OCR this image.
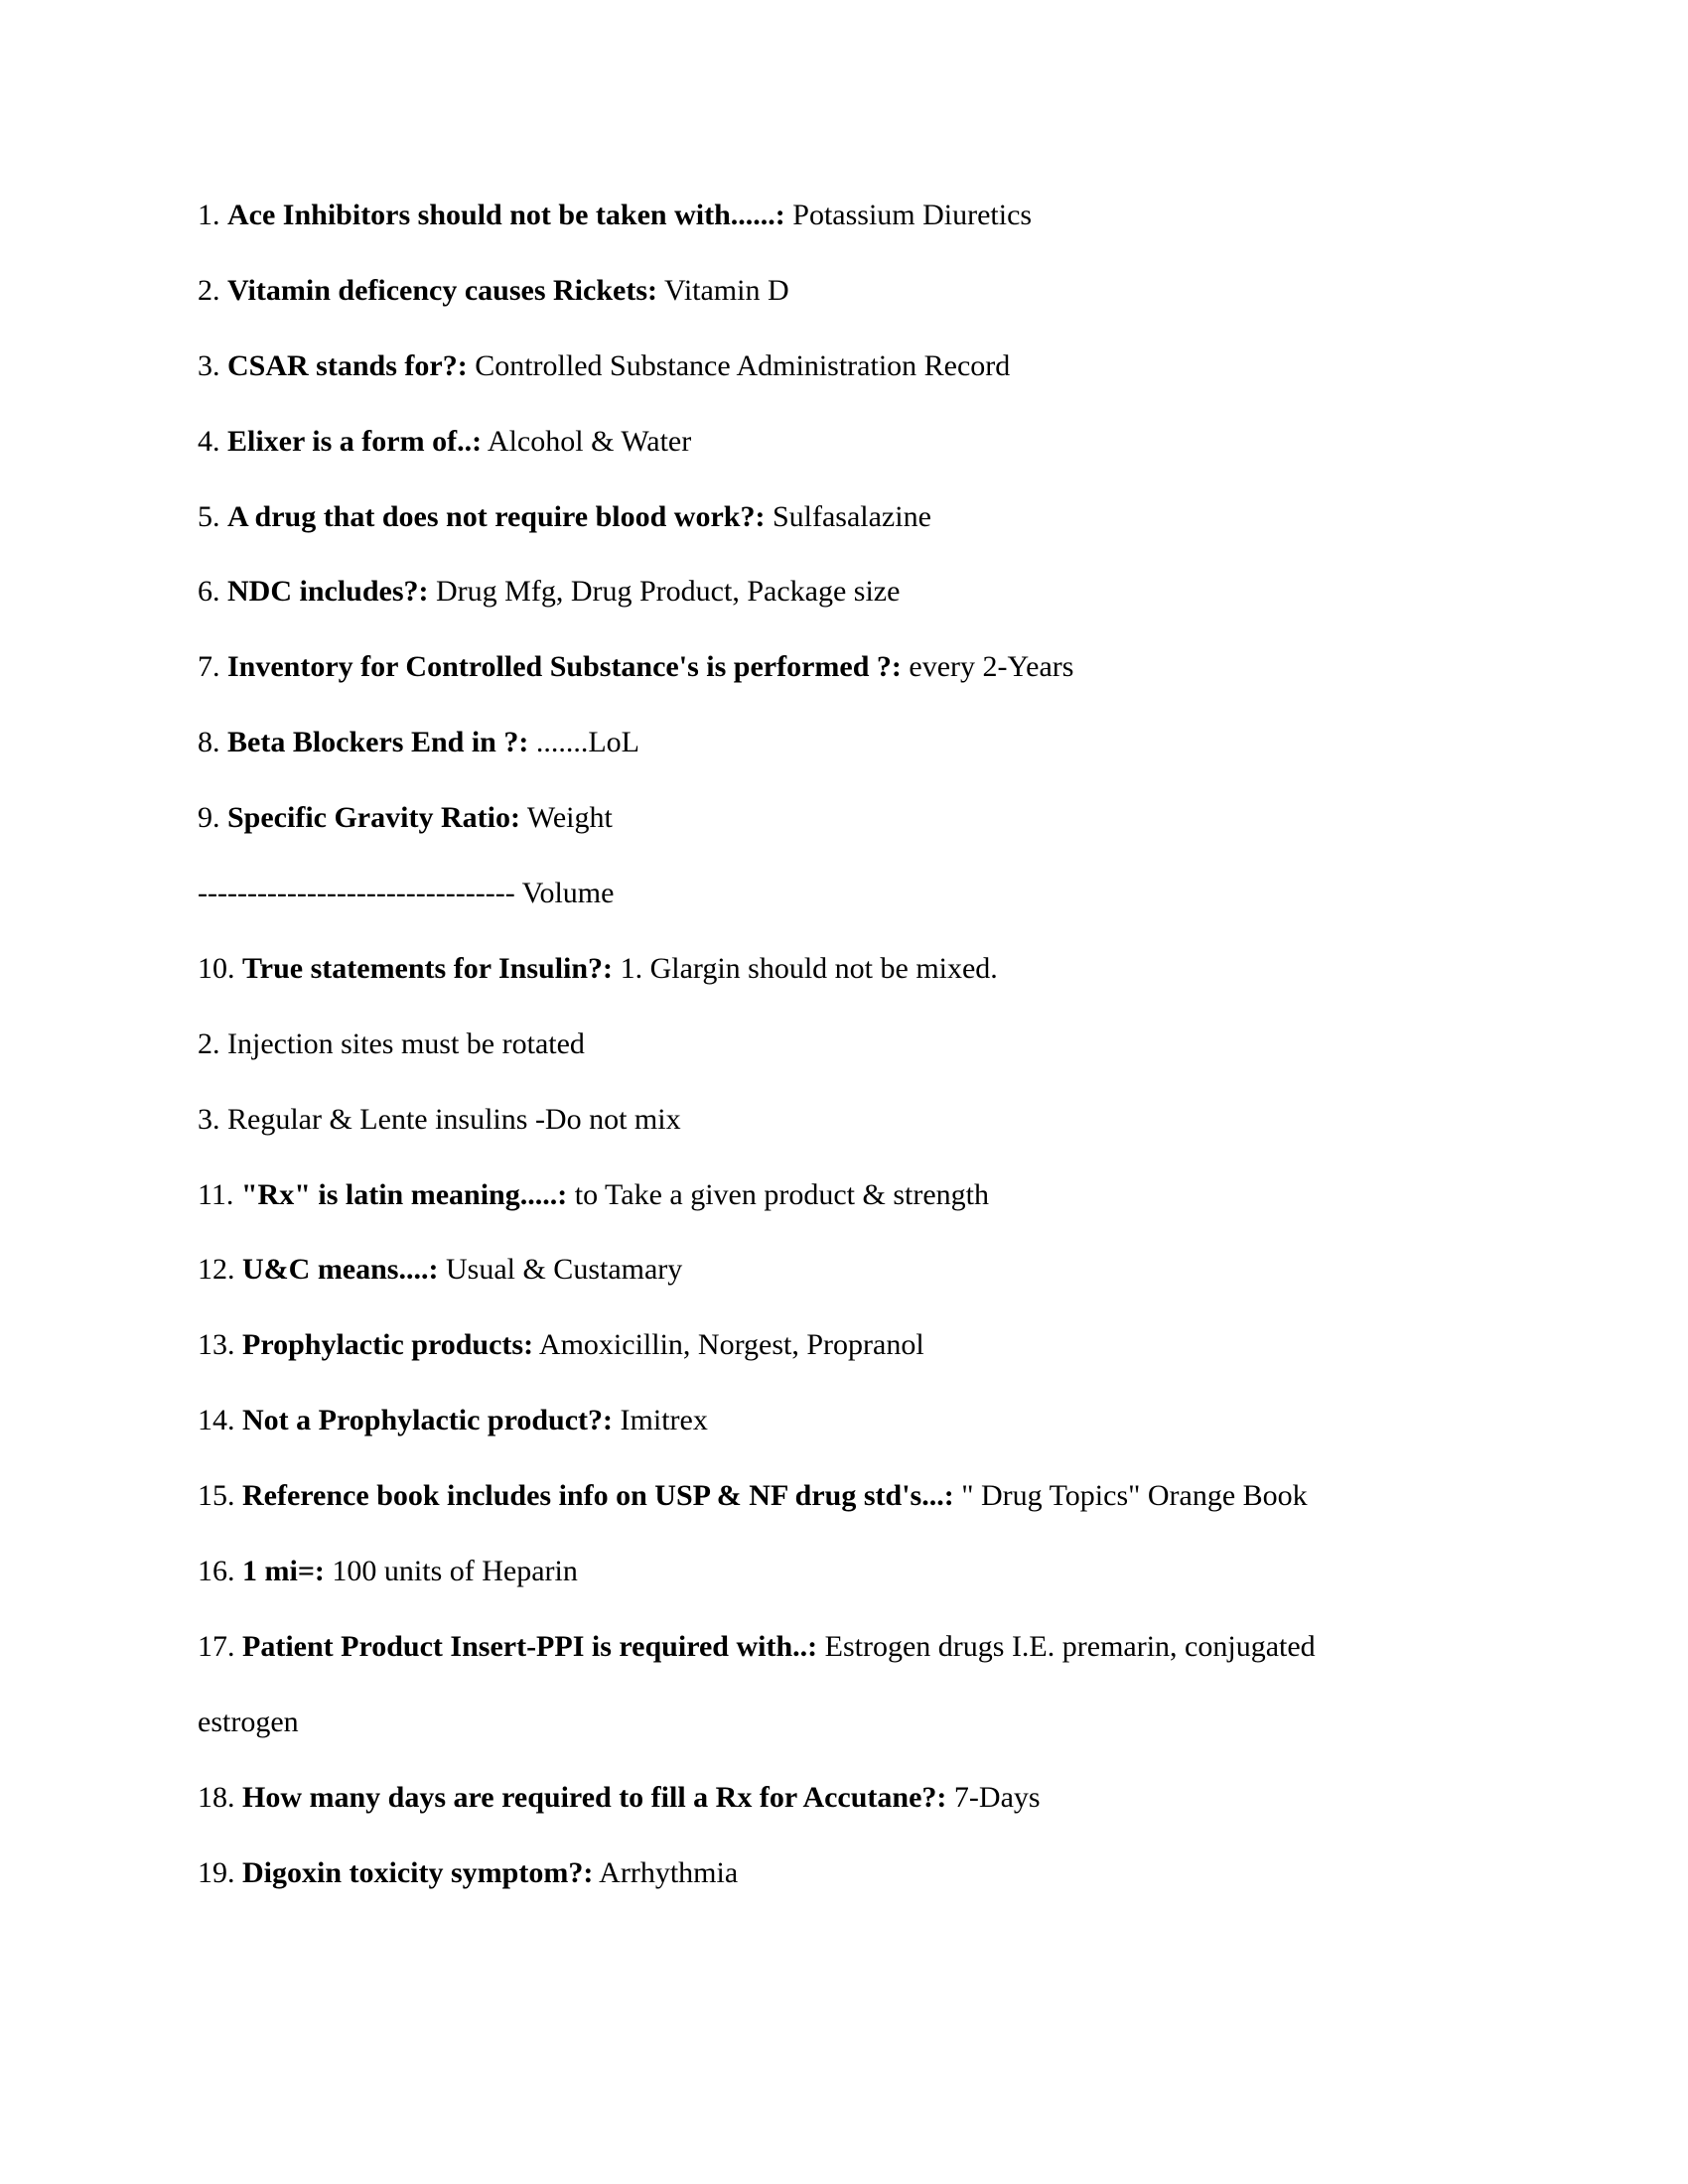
1. Ace Inhibitors should not be taken with......: Potassium Diuretics
2. Vitamin deficency causes Rickets: Vitamin D
3. CSAR stands for?: Controlled Substance Administration Record
4. Elixer is a form of..: Alcohol & Water
5. A drug that does not require blood work?: Sulfasalazine
6. NDC includes?: Drug Mfg, Drug Product, Package size
7. Inventory for Controlled Substance's is performed ?: every 2-Years
8. Beta Blockers End in ?: .......LoL
9. Specific Gravity Ratio: Weight
-------------------------------- Volume
10. True statements for Insulin?: 1. Glargin should not be mixed.
2. Injection sites must be rotated
3. Regular & Lente insulins -Do not mix
11. "Rx" is latin meaning.....: to Take a given product & strength
12. U&C means....: Usual & Custamary
13. Prophylactic products: Amoxicillin, Norgest, Propranol
14. Not a Prophylactic product?: Imitrex
15. Reference book includes info on USP & NF drug std's...: " Drug Topics" Orange Book
16. 1 mi=: 100 units of Heparin
17. Patient Product Insert-PPI is required with..: Estrogen drugs I.E. premarin, conjugated
estrogen
18. How many days are required to fill a Rx for Accutane?: 7-Days
19. Digoxin toxicity symptom?: Arrhythmia
